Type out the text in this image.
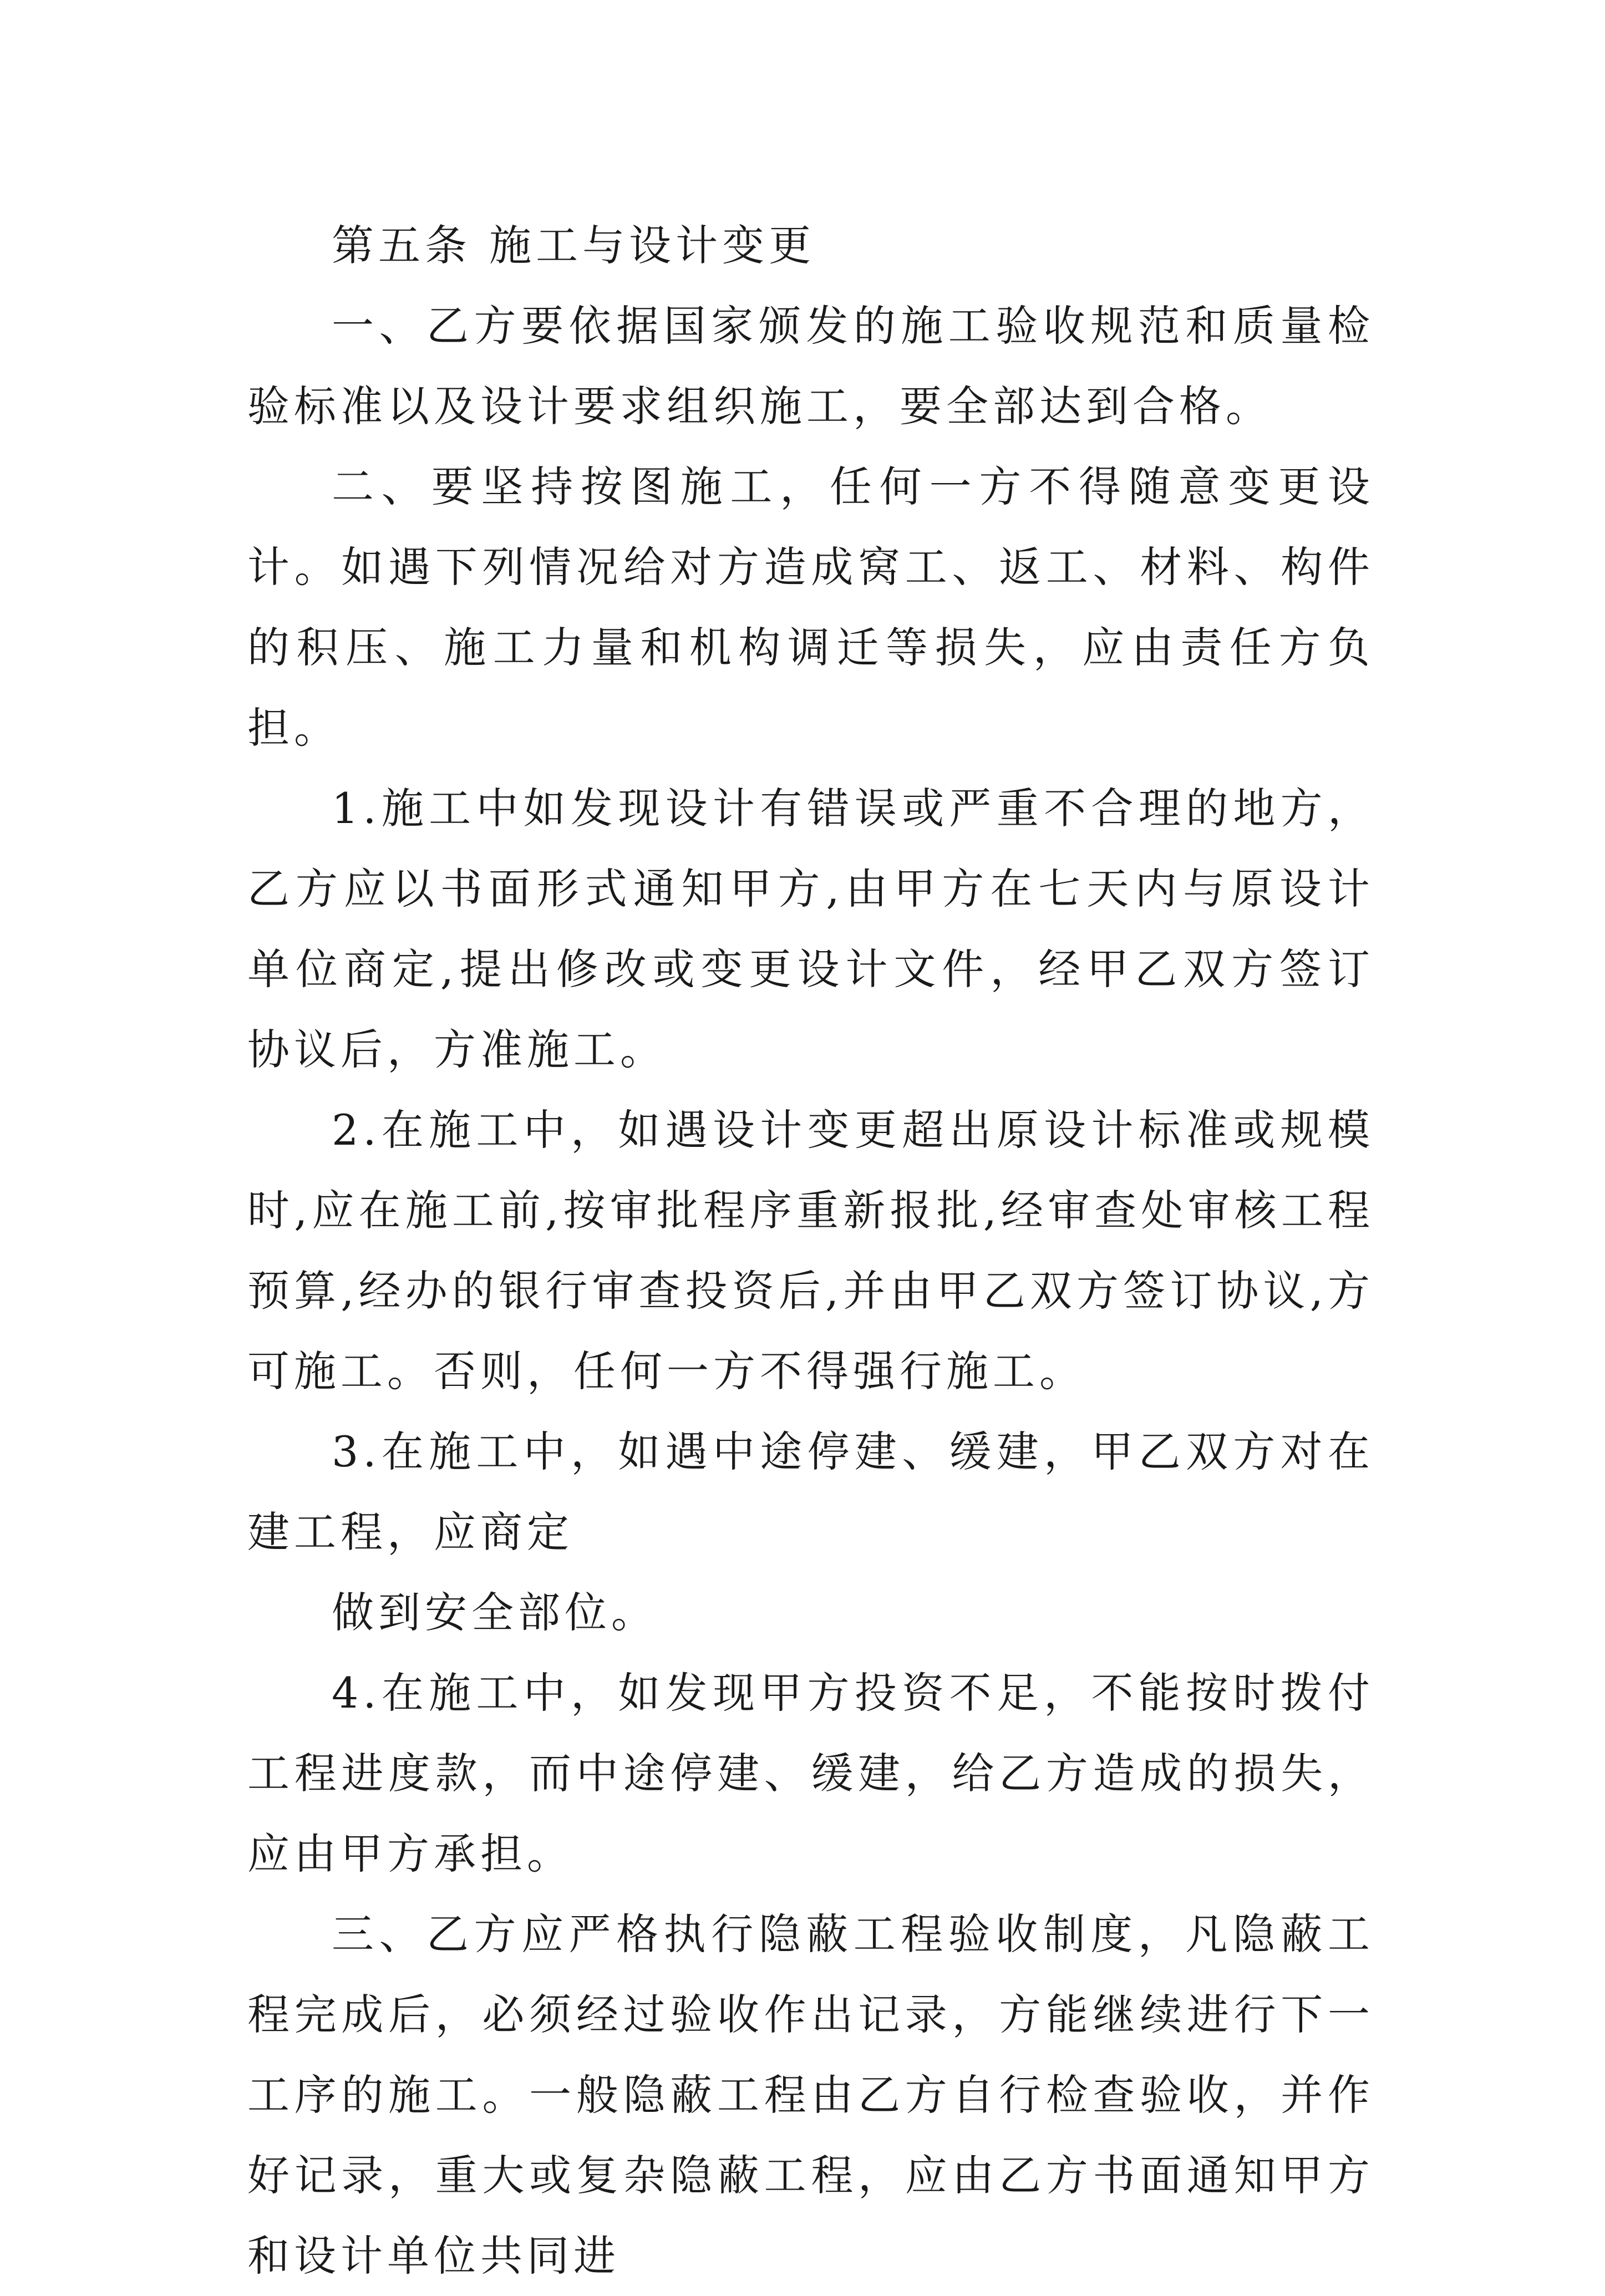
第五条 施工与设计变更

一、乙方要依据国家颁发的施工验收规范和质量检验标准以及设计要求组织施工，要全部达到合格。

二、要坚持按图施工，任何一方不得随意变更设计。如遇下列情况给对方造成窝工、返工、材料、构件的积压、施工力量和机构调迁等损失，应由责任方负担。

1.施工中如发现设计有错误或严重不合理的地方，乙方应以书面形式通知甲方,由甲方在七天内与原设计单位商定,提出修改或变更设计文件，经甲乙双方签订协议后，方准施工。

2.在施工中，如遇设计变更超出原设计标准或规模时,应在施工前,按审批程序重新报批,经审查处审核工程预算,经办的银行审查投资后,并由甲乙双方签订协议,方可施工。否则，任何一方不得强行施工。

3.在施工中，如遇中途停建、缓建，甲乙双方对在建工程，应商定

做到安全部位。

4.在施工中，如发现甲方投资不足，不能按时拨付工程进度款，而中途停建、缓建，给乙方造成的损失，应由甲方承担。

三、乙方应严格执行隐蔽工程验收制度，凡隐蔽工程完成后，必须经过验收作出记录，方能继续进行下一工序的施工。一般隐蔽工程由乙方自行检查验收，并作好记录，重大或复杂隐蔽工程，应由乙方书面通知甲方和设计单位共同进
